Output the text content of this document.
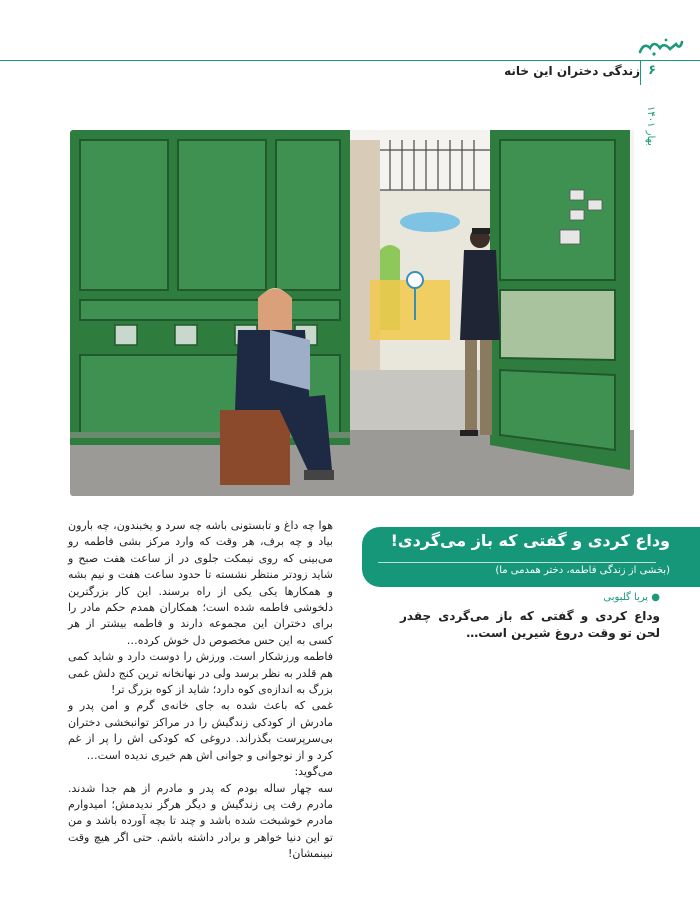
زندگی دختران این خانه ۶
بهار ۱۴۰۱
وداع کردی و گفتی که باز می‌گردی!
(بخشی از زندگی فاطمه، دختر همدمی ما)
● پریا گلبوبی
وداع کردی و گفتی که باز می‌گردی چقدر لحن تو وقت دروغ شیرین است…

هوا چه داغ و تابستونی باشه چه سرد و یخبندون، چه بارون بیاد و چه برف، هر وقت که وارد مرکز بشی فاطمه رو می‌بینی که روی نیمکت جلوی در از ساعت هفت صبح و شاید زودتر منتظر نشسته تا حدود ساعت هفت و نیم بشه و همکارها یکی یکی از راه برسند. این کار بزرگترین دلخوشی فاطمه شده است؛ همکاران همدم حکم مادر را برای دختران این مجموعه دارند و فاطمه بیشتر از هر کسی به این حس مخصوص دل خوش کرده…

فاطمه ورزشکار است. ورزش را دوست دارد و شاید کمی هم قلدر به نظر برسد ولی در نهانخانه ترین کنج دلش غمی بزرگ به اندازه‌ی کوه دارد؛ شاید از کوه بزرگ تر!

غمی که باعث شده به جای خانه‌ی گرم و امن پدر و مادرش از کودکی زندگیش را در مراکز توانبخشی دختران بی‌سرپرست بگذراند. دروغی که کودکی اش را پر از غم کرد و از نوجوانی و جوانی اش هم خیری ندیده است…

می‌گوید:

سه چهار ساله بودم که پدر و مادرم از هم جدا شدند. مادرم رفت پی زندگیش و دیگر هرگز ندیدمش؛ امیدوارم مادرم خوشبخت شده باشد و چند تا بچه آورده باشد و من تو این دنیا خواهر و برادر داشته باشم. حتی اگر هیچ وقت نبینمشان!
